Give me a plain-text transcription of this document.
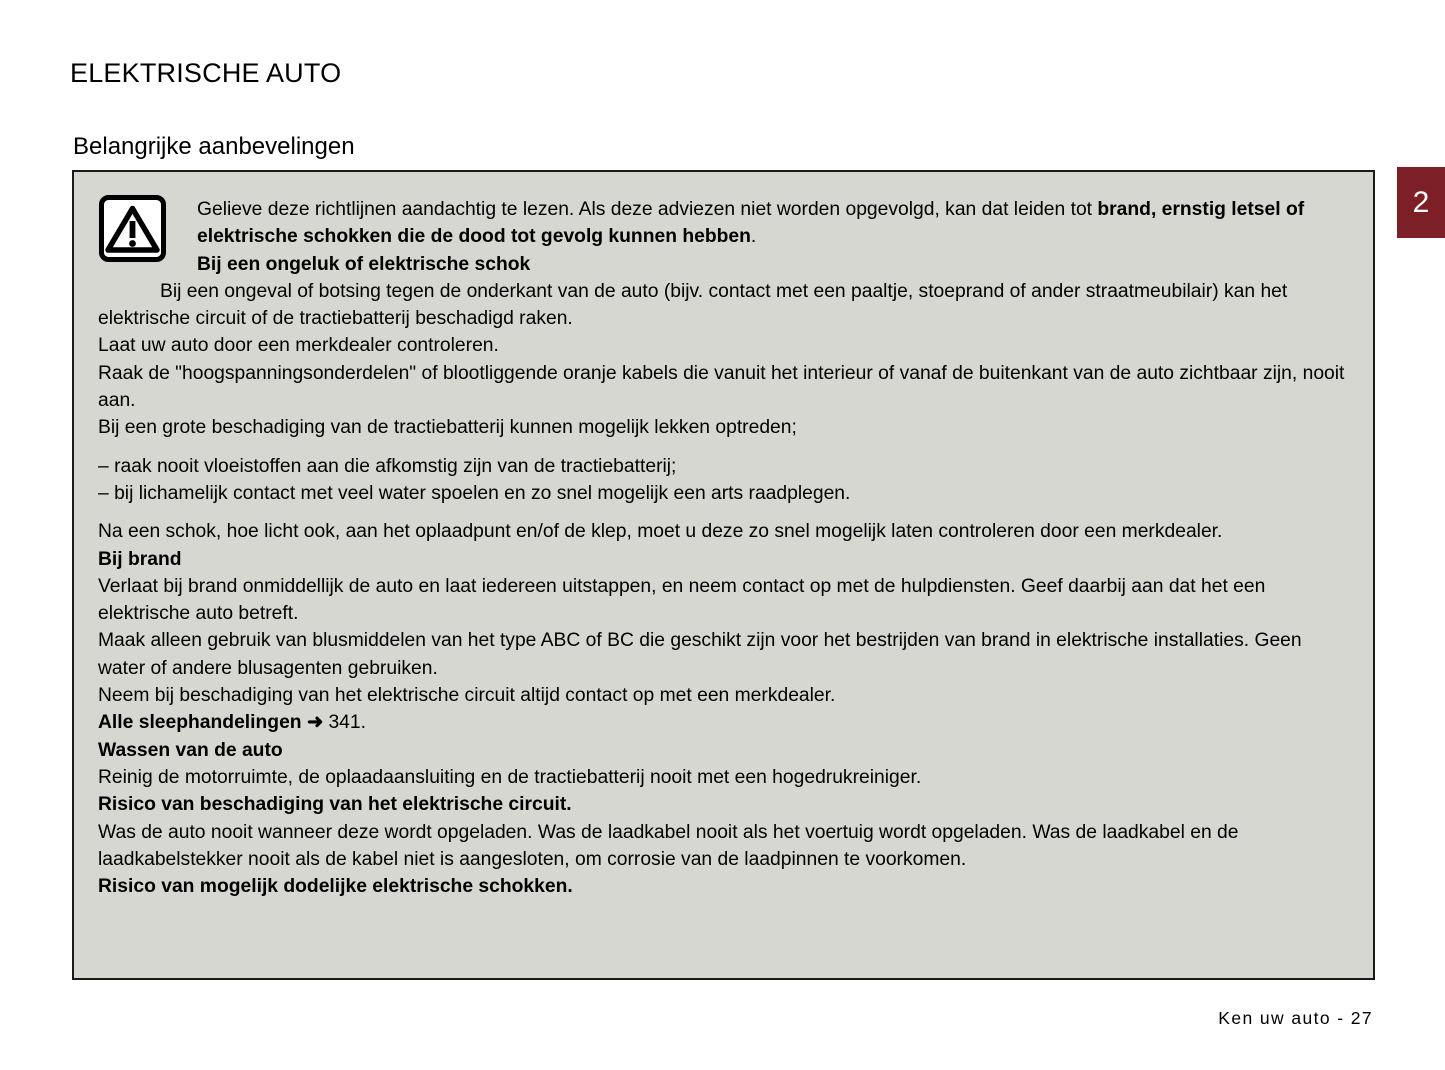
2
ELEKTRISCHE AUTO
Belangrijke aanbevelingen

Gelieve deze richtlijnen aandachtig te lezen. Als deze adviezen niet worden opgevolgd, kan dat leiden tot brand, ernstig letsel of elektrische schokken die de dood tot gevolg kunnen hebben.

Bij een ongeluk of elektrische schok

Bij een ongeval of botsing tegen de onderkant van de auto (bijv. contact met een paaltje, stoeprand of ander straatmeubilair) kan het elektrische circuit of de tractiebatterij beschadigd raken.

Laat uw auto door een merkdealer controleren.

Raak de "hoogspanningsonderdelen" of blootliggende oranje kabels die vanuit het interieur of vanaf de buitenkant van de auto zichtbaar zijn, nooit aan.

Bij een grote beschadiging van de tractiebatterij kunnen mogelijk lekken optreden;

– raak nooit vloeistoffen aan die afkomstig zijn van de tractiebatterij;

– bij lichamelijk contact met veel water spoelen en zo snel mogelijk een arts raadplegen.

Na een schok, hoe licht ook, aan het oplaadpunt en/of de klep, moet u deze zo snel mogelijk laten controleren door een merkdealer.

Bij brand

Verlaat bij brand onmiddellijk de auto en laat iedereen uitstappen, en neem contact op met de hulpdiensten. Geef daarbij aan dat het een elektrische auto betreft.

Maak alleen gebruik van blusmiddelen van het type ABC of BC die geschikt zijn voor het bestrijden van brand in elektrische installaties. Geen water of andere blusagenten gebruiken.

Neem bij beschadiging van het elektrische circuit altijd contact op met een merkdealer.

Alle sleephandelingen ➜ 341.

Wassen van de auto

Reinig de motorruimte, de oplaadaansluiting en de tractiebatterij nooit met een hogedrukreiniger.

Risico van beschadiging van het elektrische circuit.

Was de auto nooit wanneer deze wordt opgeladen. Was de laadkabel nooit als het voertuig wordt opgeladen. Was de laadkabel en de laadkabelstekker nooit als de kabel niet is aangesloten, om corrosie van de laadpinnen te voorkomen.

Risico van mogelijk dodelijke elektrische schokken.

Ken uw auto - 27
